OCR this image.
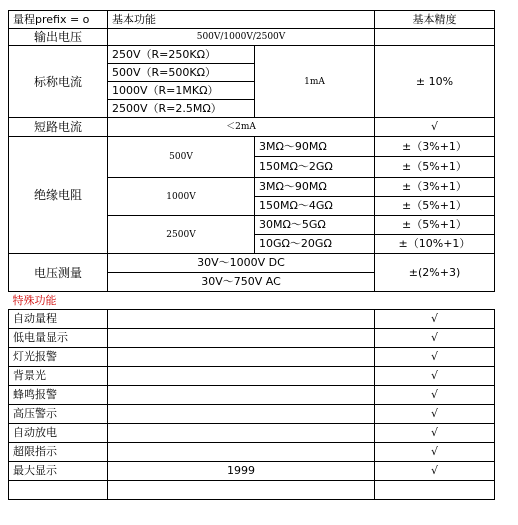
量程prefix = o	基本功能		基本精度
输出电压	500V/1000V/2500V		
标称电流	250V（R=250KΩ）	1mA	± 10%
	500V（R=500KΩ）		
	1000V（R=1MKΩ）		
	2500V（R=2.5MΩ）		
短路电流	＜2mA		√
绝缘电阻	500V	3MΩ～90MΩ	±（3%+1）
		150MΩ～2GΩ	±（5%+1）
	1000V	3MΩ～90MΩ	±（3%+1）
		150MΩ～4GΩ	±（5%+1）
	2500V	30MΩ～5GΩ	±（5%+1）
		10GΩ～20GΩ	±（10%+1）
电压测量	30V～1000V DC		±(2%+3)
	30V～750V AC		
特殊功能			
自动量程			√
低电量显示			√
灯光报警			√
背景光			√
蜂鸣报警			√
高压警示			√
自动放电			√
超限指示			√
最大显示	1999		√
